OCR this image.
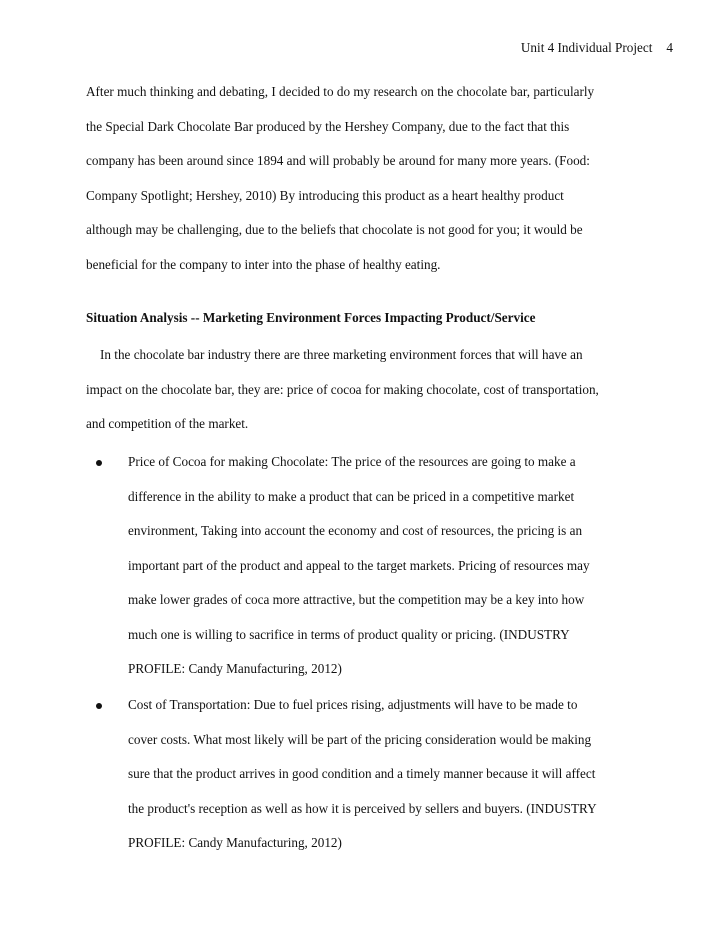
Unit 4 Individual Project 4

After much thinking and debating, I decided to do my research on the chocolate bar, particularly
the Special Dark Chocolate Bar produced by the Hershey Company, due to the fact that this
company has been around since 1894 and will probably be around for many more years. (Food:
Company Spotlight; Hershey, 2010) By introducing this product as a heart healthy product
although may be challenging, due to the beliefs that chocolate is not good for you; it would be
beneficial for the company to inter into the phase of healthy eating.

Situation Analysis -- Marketing Environment Forces Impacting Product/Service

In the chocolate bar industry there are three marketing environment forces that will have an
impact on the chocolate bar, they are: price of cocoa for making chocolate, cost of transportation,
and competition of the market.

Price of Cocoa for making Chocolate: The price of the resources are going to make a
difference in the ability to make a product that can be priced in a competitive market
environment, Taking into account the economy and cost of resources, the pricing is an
important part of the product and appeal to the target markets. Pricing of resources may
make lower grades of coca more attractive, but the competition may be a key into how
much one is willing to sacrifice in terms of product quality or pricing. (INDUSTRY
PROFILE: Candy Manufacturing, 2012)

Cost of Transportation: Due to fuel prices rising, adjustments will have to be made to
cover costs. What most likely will be part of the pricing consideration would be making
sure that the product arrives in good condition and a timely manner because it will affect
the product's reception as well as how it is perceived by sellers and buyers. (INDUSTRY
PROFILE: Candy Manufacturing, 2012)
